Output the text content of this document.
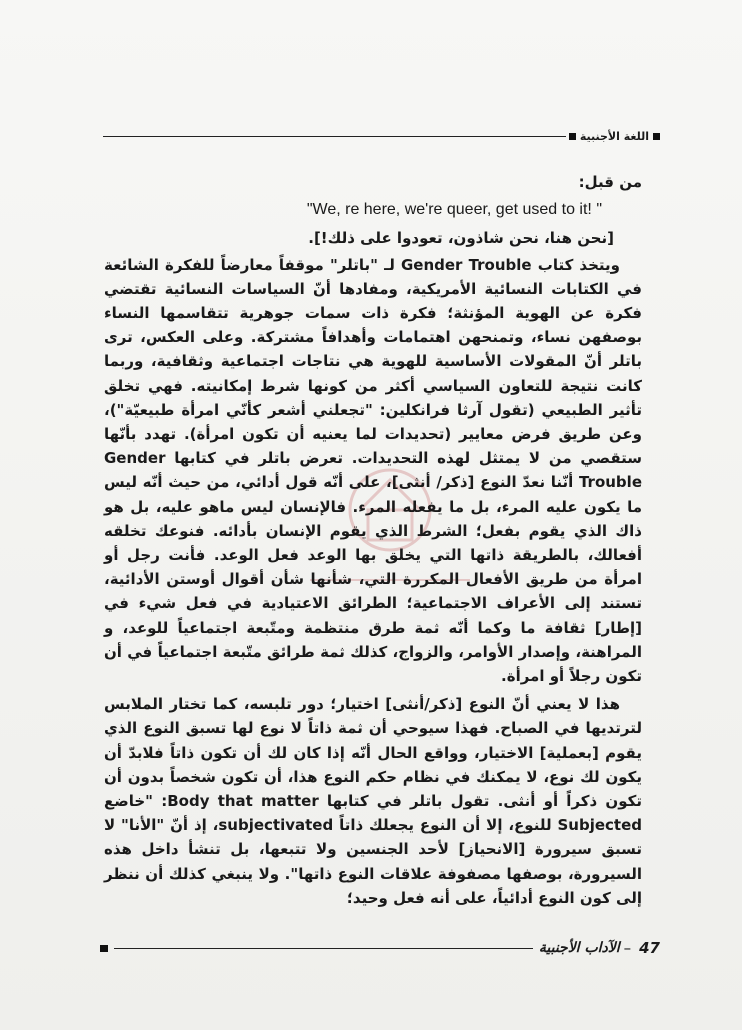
اللغة الأجنبية

من قبل:

"We, re here, we're queer, get used to it! "

[نحن هنا، نحن شاذون، تعودوا على ذلك!].

ويتخذ كتاب Gender Trouble لـ "باتلر" موقفاً معارضاً للفكرة الشائعة في الكتابات النسائية الأمريكية، ومفادها أنّ السياسات النسائية تقتضي فكرة عن الهوية المؤنثة؛ فكرة ذات سمات جوهرية تتقاسمها النساء بوصفهن نساء، وتمنحهن اهتمامات وأهدافاً مشتركة. وعلى العكس، ترى باتلر أنّ المقولات الأساسية للهوية هي نتاجات اجتماعية وثقافية، وربما كانت نتيجة للتعاون السياسي أكثر من كونها شرط إمكانيته. فهي تخلق تأثير الطبيعي (تقول آرثا فرانكلين: "تجعلني أشعر كأنّي امرأة طبيعيّة")، وعن طريق فرض معايير (تحديدات لما يعنيه أن تكون امرأة). تهدد بأنّها ستقصي من لا يمتثل لهذه التحديدات. تعرض باتلر في كتابها Gender Trouble أنّنا نعدّ النوع [ذكر/ أنثى]، على أنّه قول أدائي، من حيث أنّه ليس ما يكون عليه المرء، بل ما يفعله المرء. فالإنسان ليس ماهو عليه، بل هو ذاك الذي يقوم بفعل؛ الشرط الذي يقوم الإنسان بأدائه. فنوعك تخلقه أفعالك، بالطريقة ذاتها التي يخلق بها الوعد فعل الوعد. فأنت رجل أو امرأة من طريق الأفعال المكررة التي، شأنها شأن أقوال أوستن الأدائية، تستند إلى الأعراف الاجتماعية؛ الطرائق الاعتيادية في فعل شيء في [إطار] ثقافة ما وكما أنّه ثمة طرق منتظمة ومتّبعة اجتماعياً للوعد، و المراهنة، وإصدار الأوامر، والزواج، كذلك ثمة طرائق متّبعة اجتماعياً في أن تكون رجلاً أو امرأة.

هذا لا يعني أنّ النوع [ذكر/أنثى] اختيار؛ دور تلبسه، كما تختار الملابس لترتديها في الصباح. فهذا سيوحي أن ثمة ذاتاً لا نوع لها تسبق النوع الذي يقوم [بعملية] الاختيار، وواقع الحال أنّه إذا كان لك أن تكون ذاتاً فلابدّ أن يكون لك نوع، لا يمكنك في نظام حكم النوع هذا، أن تكون شخصاً بدون أن تكون ذكراً أو أنثى. تقول باتلر في كتابها Body that matter: "خاضع Subjected للنوع، إلا أن النوع يجعلك ذاتاً subjectivated، إذ أنّ "الأنا" لا تسبق سيرورة [الانحياز] لأحد الجنسين ولا تتبعها، بل تنشأ داخل هذه السيرورة، بوصفها مصفوفة علاقات النوع ذاتها". ولا ينبغي كذلك أن ننظر إلى كون النوع أدائياً، على أنه فعل وحيد؛

47
–
الآداب الأجنبية
